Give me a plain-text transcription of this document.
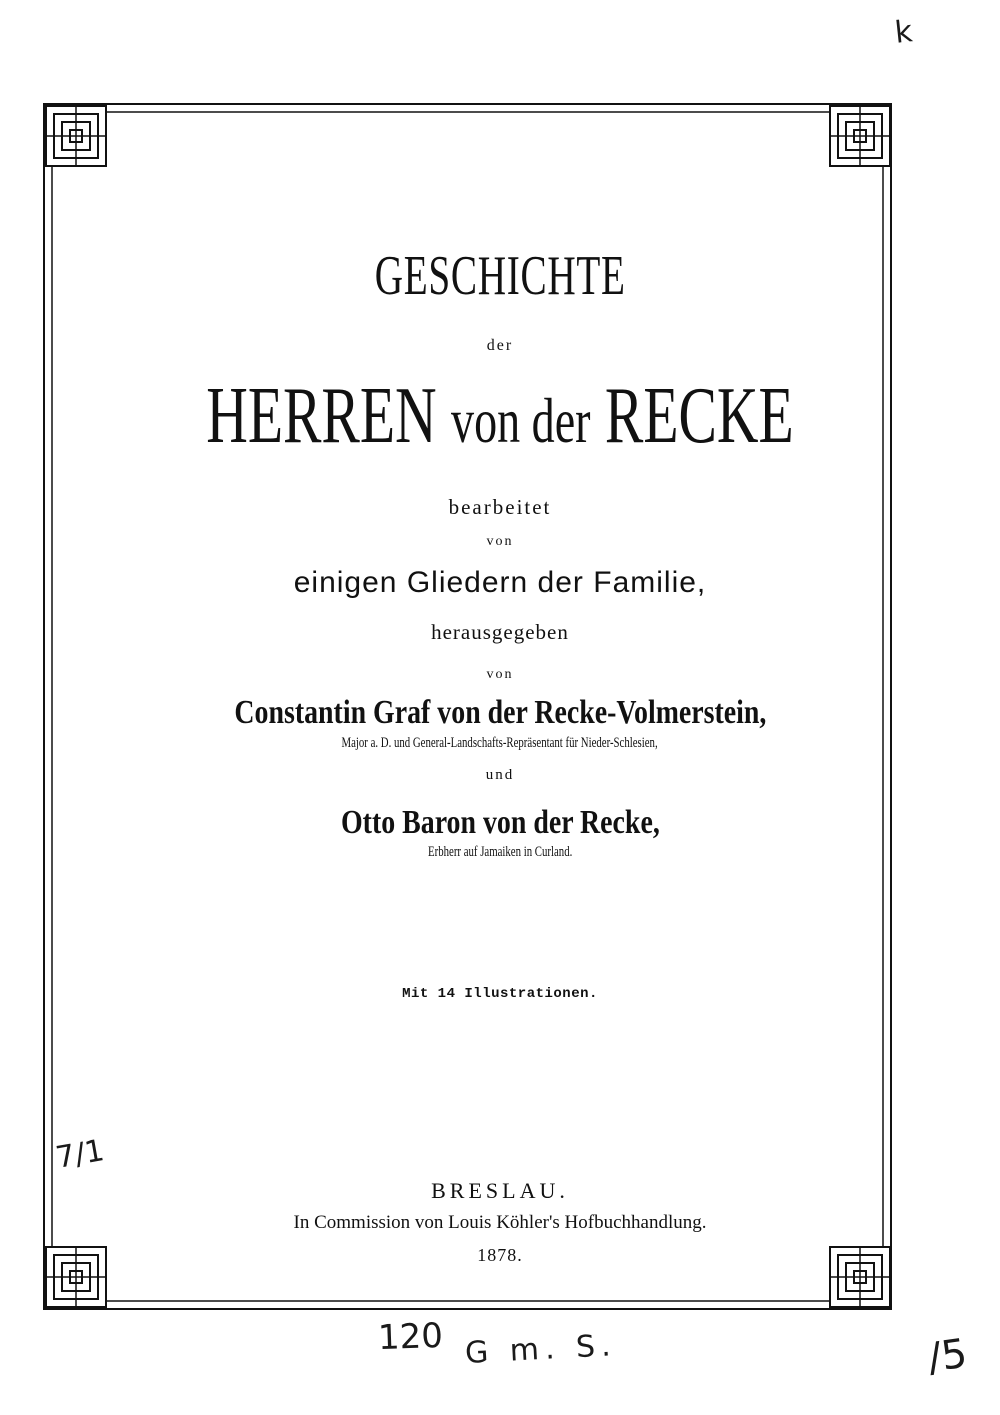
GESCHICHTE
der
HERREN von der RECKE
bearbeitet
von
einigen Gliedern der Familie,
herausgegeben
von
Constantin Graf von der Recke-Volmerstein,
Major a. D. und General-Landschafts-Repräsentant für Nieder-Schlesien,
und
Otto Baron von der Recke,
Erbherr auf Jamaiken in Curland.
Mit 14 Illustrationen.
BRESLAU.
In Commission von Louis Köhler's Hofbuchhandlung.
1878.
k
7/1
120 G m. S.	/5
